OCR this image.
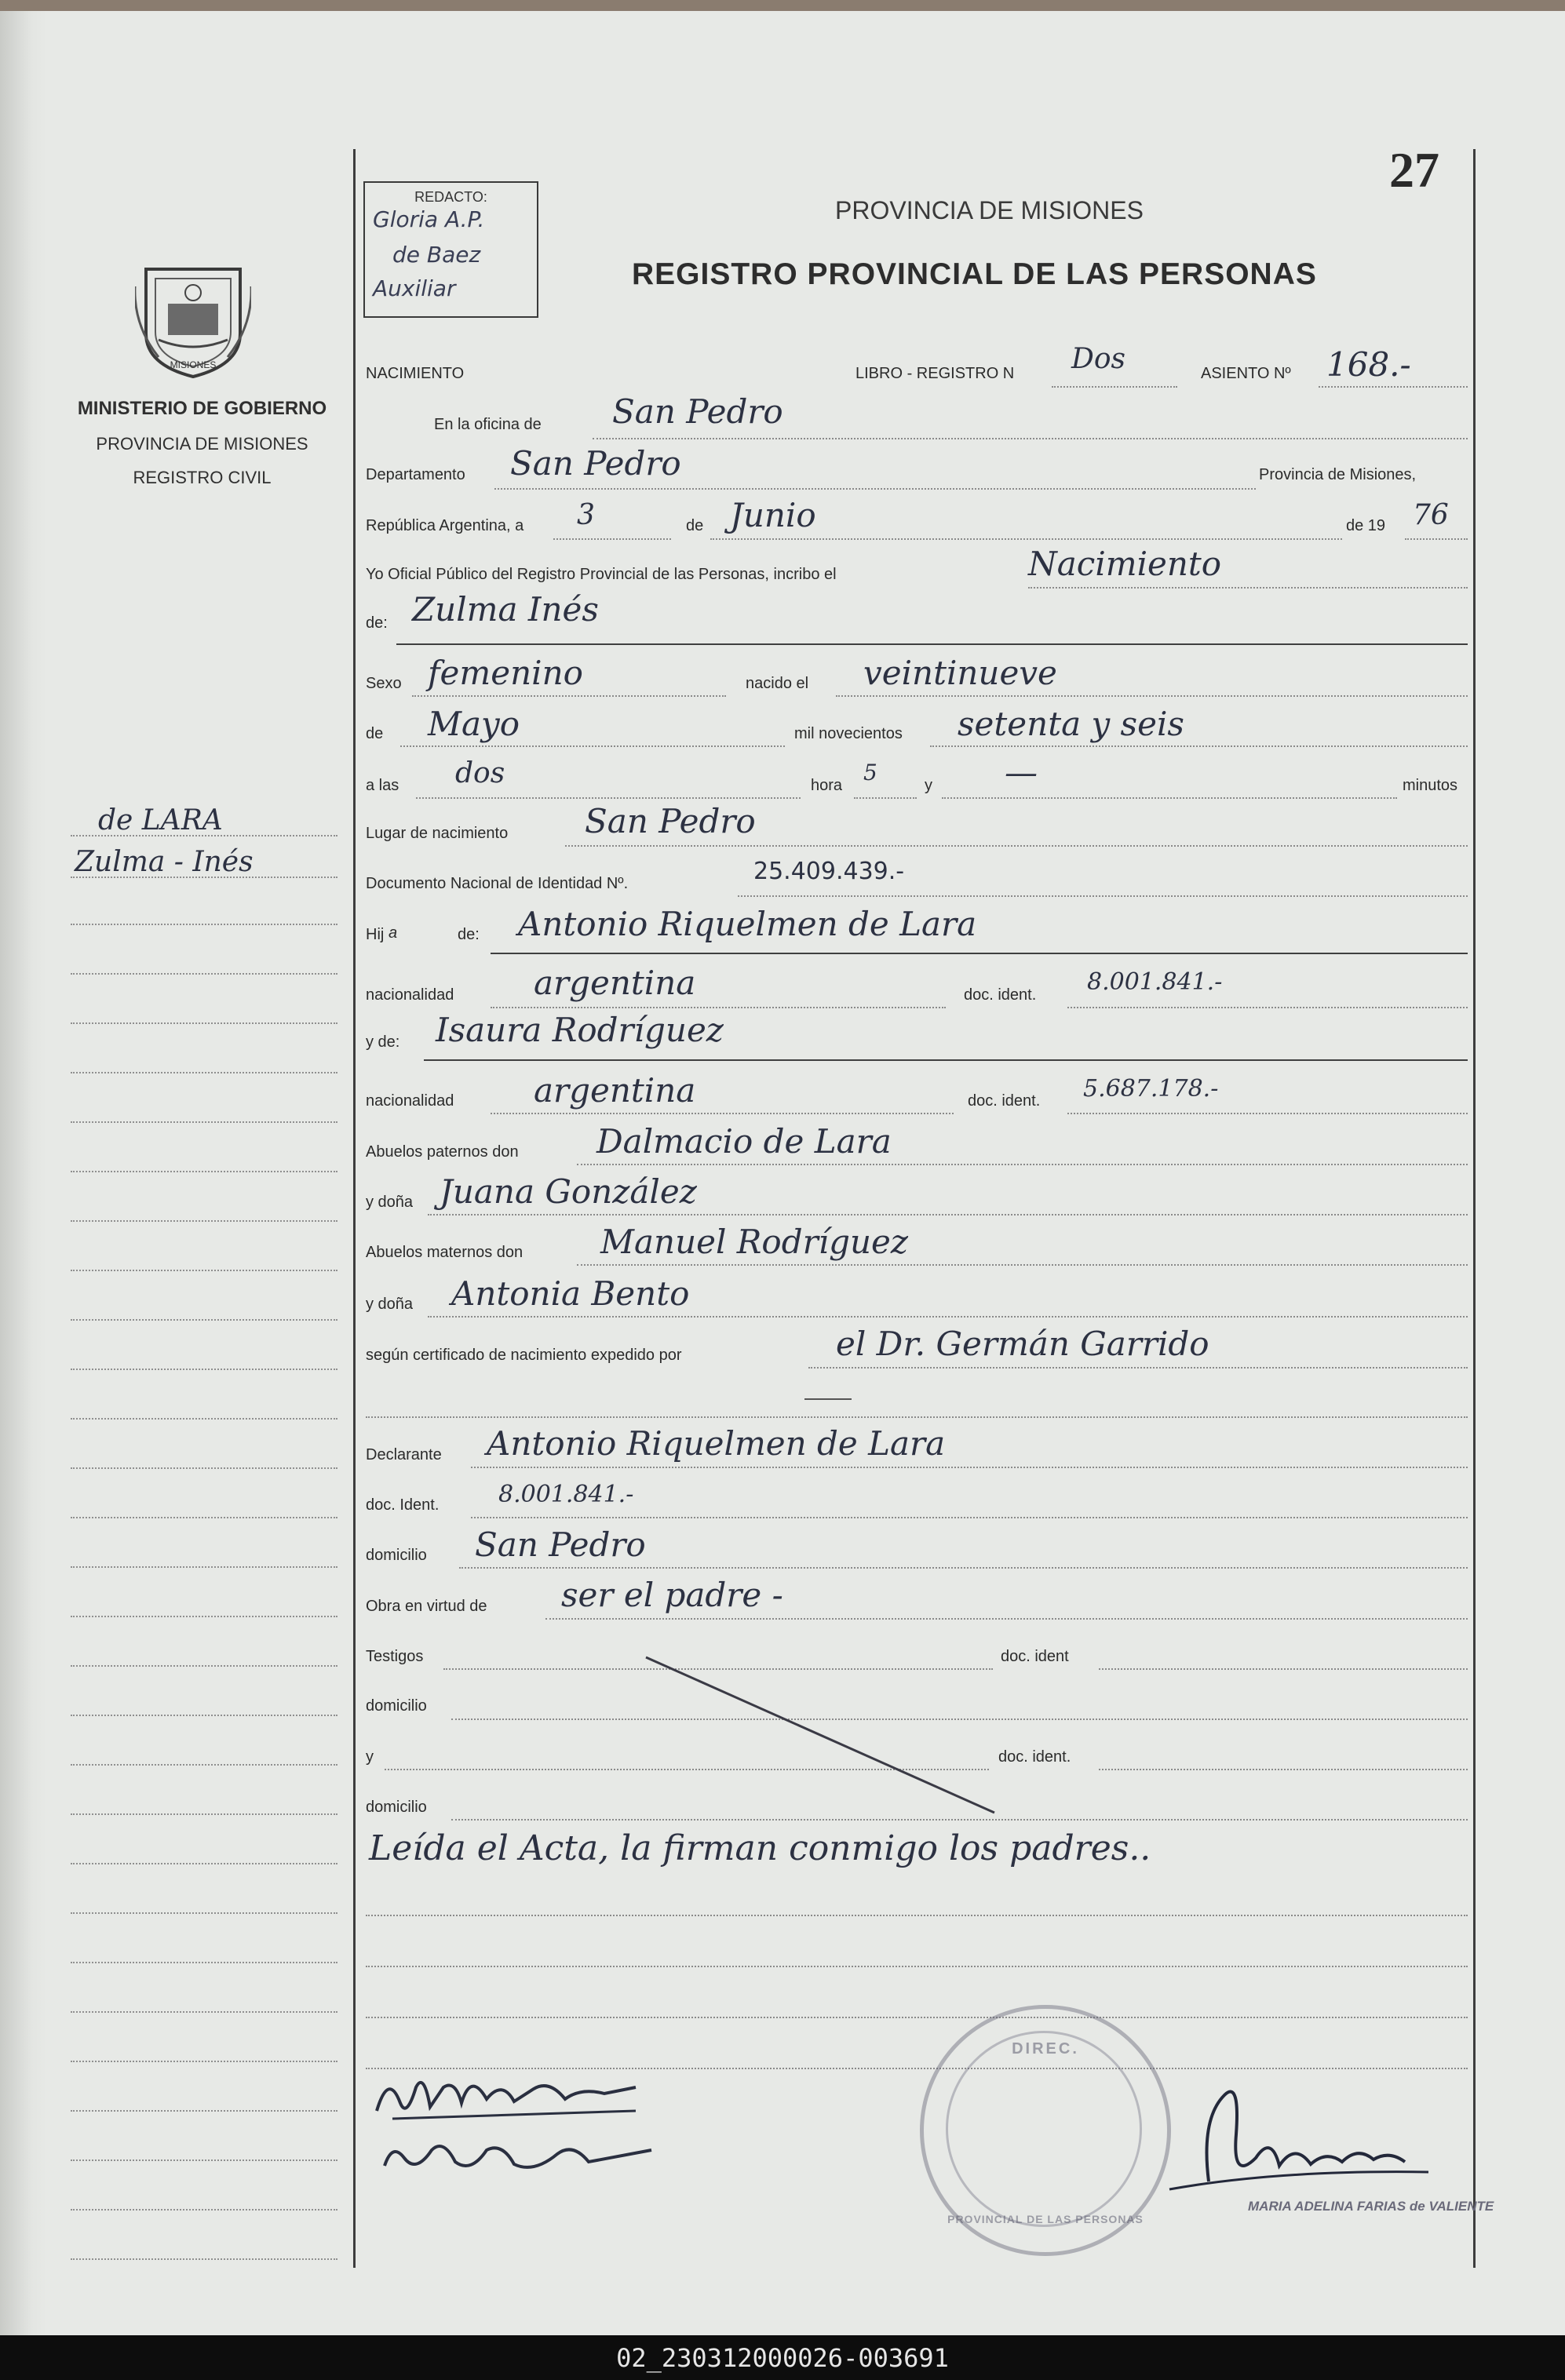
27
REDACTO:
Gloria A.P.
de Baez
Auxiliar
MISIONES
MINISTERIO DE GOBIERNO
PROVINCIA DE MISIONES
REGISTRO CIVIL
PROVINCIA DE MISIONES
REGISTRO PROVINCIAL DE LAS PERSONAS
de LARA
Zulma - Inés
NACIMIENTO	LIBRO - REGISTRO N Dos	ASIENTO Nº 168.-
En la oficina de San Pedro
Departamento San Pedro	Provincia de Misiones,
República Argentina, a 3	de Junio	de 19 76
Yo Oficial Público del Registro Provincial de las Personas, incribo el	Nacimiento
de: Zulma Inés
Sexo femenino	nacido el veintinueve
de Mayo	mil novecientos setenta y seis
a las dos	hora 5	y —	minutos
Lugar de nacimiento San Pedro
Documento Nacional de Identidad Nº.	25.409.439.-
Hij a	de: Antonio Riquelmen de Lara
nacionalidad argentina	doc. ident. 8.001.841.-
y de: Isaura Rodríguez
nacionalidad argentina	doc. ident. 5.687.178.-
Abuelos paternos don Dalmacio de Lara
y doña Juana González
Abuelos maternos don Manuel Rodríguez
y doña Antonia Bento
según certificado de nacimiento expedido por	el Dr. Germán Garrido
Declarante Antonio Riquelmen de Lara
doc. Ident.	8.001.841.-
domicilio San Pedro
Obra en virtud de ser el padre -
Testigos	doc. ident
domicilio
y	doc. ident.
domicilio
Leída el Acta, la firman conmigo los padres..
DIREC.
PROVINCIAL DE LAS PERSONAS
MARIA ADELINA FARIAS de VALIENTE
02_230312000026-003691
